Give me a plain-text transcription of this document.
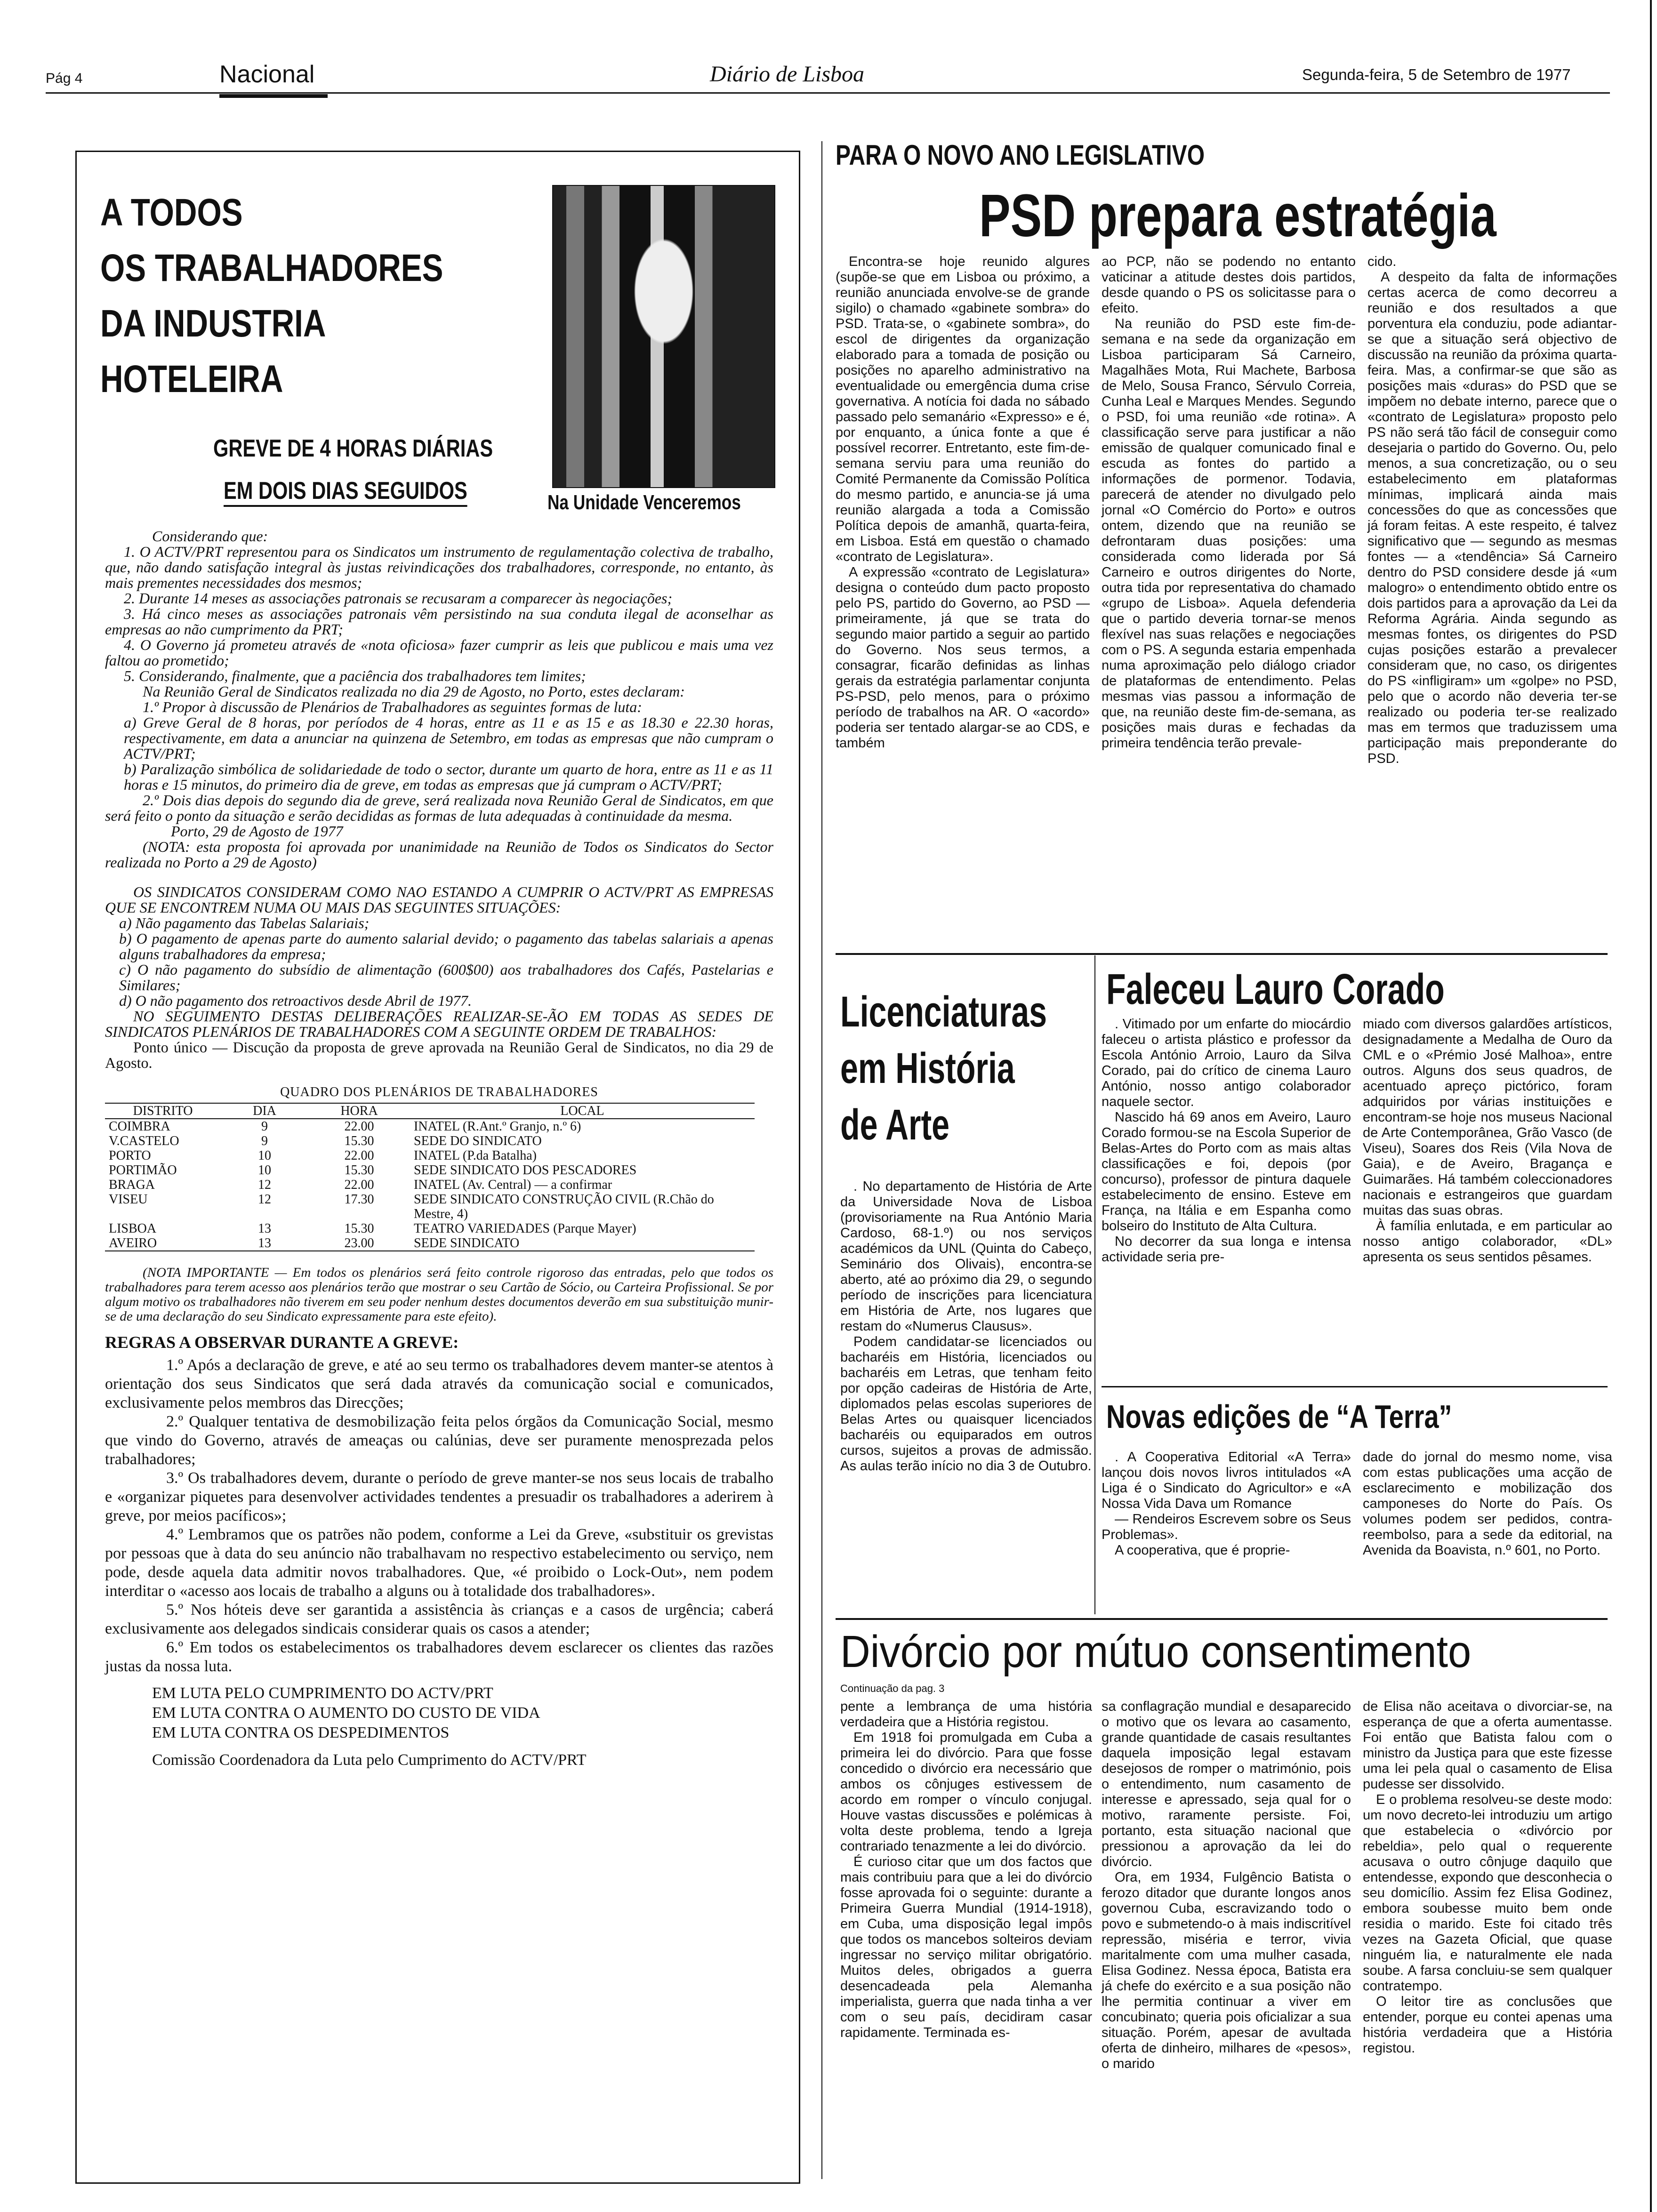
Pág 4	Nacional	Diário de Lisboa	Segunda-feira, 5 de Setembro de 1977
A TODOS
OS TRABALHADORES
DA INDUSTRIA
HOTELEIRA
GREVE DE 4 HORAS DIÁRIAS
EM DOIS DIAS SEGUIDOS	Na Unidade Venceremos

Considerando que:

1. O ACTV/PRT representou para os Sindicatos um instrumento de regulamentação colectiva de trabalho, que, não dando satisfação integral às justas reivindicações dos trabalhadores, corresponde, no entanto, às mais prementes necessidades dos mesmos;

2. Durante 14 meses as associações patronais se recusaram a comparecer às negociações;

3. Há cinco meses as associações patronais vêm persistindo na sua conduta ilegal de aconselhar as empresas ao não cumprimento da PRT;

4. O Governo já prometeu através de «nota oficiosa» fazer cumprir as leis que publicou e mais uma vez faltou ao prometido;

5. Considerando, finalmente, que a paciência dos trabalhadores tem limites;

Na Reunião Geral de Sindicatos realizada no dia 29 de Agosto, no Porto, estes declaram:

1.º Propor à discussão de Plenários de Trabalhadores as seguintes formas de luta:

a) Greve Geral de 8 horas, por períodos de 4 horas, entre as 11 e as 15 e as 18.30 e 22.30 horas, respectivamente, em data a anunciar na quinzena de Setembro, em todas as empresas que não cumpram o ACTV/PRT;

b) Paralização simbólica de solidariedade de todo o sector, durante um quarto de hora, entre as 11 e as 11 horas e 15 minutos, do primeiro dia de greve, em todas as empresas que já cumpram o ACTV/PRT;

2.º Dois dias depois do segundo dia de greve, será realizada nova Reunião Geral de Sindicatos, em que será feito o ponto da situação e serão decididas as formas de luta adequadas à continuidade da mesma.

Porto, 29 de Agosto de 1977

(NOTA: esta proposta foi aprovada por unanimidade na Reunião de Todos os Sindicatos do Sector realizada no Porto a 29 de Agosto)

OS SINDICATOS CONSIDERAM COMO NAO ESTANDO A CUMPRIR O ACTV/PRT AS EMPRESAS QUE SE ENCONTREM NUMA OU MAIS DAS SEGUINTES SITUAÇÕES:

a) Não pagamento das Tabelas Salariais;

b) O pagamento de apenas parte do aumento salarial devido; o pagamento das tabelas salariais a apenas alguns trabalhadores da empresa;

c) O não pagamento do subsídio de alimentação (600$00) aos trabalhadores dos Cafés, Pastelarias e Similares;

d) O não pagamento dos retroactivos desde Abril de 1977.

NO SEGUIMENTO DESTAS DELIBERAÇÕES REALIZAR-SE-ÃO EM TODAS AS SEDES DE SINDICATOS PLENÁRIOS DE TRABALHADORES COM A SEGUINTE ORDEM DE TRABALHOS:

Ponto único — Discução da proposta de greve aprovada na Reunião Geral de Sindicatos, no dia 29 de Agosto.

QUADRO DOS PLENÁRIOS DE TRABALHADORES
DISTRITO	DIA	HORA	LOCAL
COIMBRA	9	22.00	INATEL (R.Ant.º Granjo, n.º 6)
V.CASTELO	9	15.30	SEDE DO SINDICATO
PORTO	10	22.00	INATEL (P.da Batalha)
PORTIMÃO	10	15.30	SEDE SINDICATO DOS PESCADORES
BRAGA	12	22.00	INATEL (Av. Central) — a confirmar
VISEU	12	17.30	SEDE SINDICATO CONSTRUÇÃO CIVIL (R.Chão do Mestre, 4)
LISBOA	13	15.30	TEATRO VARIEDADES (Parque Mayer)
AVEIRO	13	23.00	SEDE SINDICATO

(NOTA IMPORTANTE — Em todos os plenários será feito controle rigoroso das entradas, pelo que todos os trabalhadores para terem acesso aos plenários terão que mostrar o seu Cartão de Sócio, ou Carteira Profissional. Se por algum motivo os trabalhadores não tiverem em seu poder nenhum destes documentos deverão em sua substituição munir-se de uma declaração do seu Sindicato expressamente para este efeito).

REGRAS A OBSERVAR DURANTE A GREVE:

1.º Após a declaração de greve, e até ao seu termo os trabalhadores devem manter-se atentos à orientação dos seus Sindicatos que será dada através da comunicação social e comunicados, exclusivamente pelos membros das Direcções;

2.º Qualquer tentativa de desmobilização feita pelos órgãos da Comunicação Social, mesmo que vindo do Governo, através de ameaças ou calúnias, deve ser puramente menosprezada pelos trabalhadores;

3.º Os trabalhadores devem, durante o período de greve manter-se nos seus locais de trabalho e «organizar piquetes para desenvolver actividades tendentes a presuadir os trabalhadores a aderirem à greve, por meios pacíficos»;

4.º Lembramos que os patrões não podem, conforme a Lei da Greve, «substituir os grevistas por pessoas que à data do seu anúncio não trabalhavam no respectivo estabelecimento ou serviço, nem pode, desde aquela data admitir novos trabalhadores. Que, «é proibido o Lock-Out», nem podem interditar o «acesso aos locais de trabalho a alguns ou à totalidade dos trabalhadores».

5.º Nos hóteis deve ser garantida a assistência às crianças e a casos de urgência; caberá exclusivamente aos delegados sindicais considerar quais os casos a atender;

6.º Em todos os estabelecimentos os trabalhadores devem esclarecer os clientes das razões justas da nossa luta.

EM LUTA PELO CUMPRIMENTO DO ACTV/PRT
EM LUTA CONTRA O AUMENTO DO CUSTO DE VIDA
EM LUTA CONTRA OS DESPEDIMENTOS
Comissão Coordenadora da Luta pelo Cumprimento do ACTV/PRT
PARA O NOVO ANO LEGISLATIVO
PSD prepara estratégia

Encontra-se hoje reunido algures (supõe-se que em Lisboa ou próximo, a reunião anunciada envolve-se de grande sigilo) o chamado «gabinete sombra» do PSD. Trata-se, o «gabinete sombra», do escol de dirigentes da organização elaborado para a tomada de posição ou posições no aparelho administrativo na eventualidade ou emergência duma crise governativa. A notícia foi dada no sábado passado pelo semanário «Expresso» e é, por enquanto, a única fonte a que é possível recorrer. Entretanto, este fim-de-semana serviu para uma reunião do Comité Permanente da Comissão Política do mesmo partido, e anuncia-se já uma reunião alargada a toda a Comissão Política depois de amanhã, quarta-feira, em Lisboa. Está em questão o chamado «contrato de Legislatura».

A expressão «contrato de Legislatura» designa o conteúdo dum pacto proposto pelo PS, partido do Governo, ao PSD — primeiramente, já que se trata do segundo maior partido a seguir ao partido do Governo. Nos seus termos, a consagrar, ficarão definidas as linhas gerais da estratégia parlamentar conjunta PS-PSD, pelo menos, para o próximo período de trabalhos na AR. O «acordo» poderia ser tentado alargar-se ao CDS, e também

ao PCP, não se podendo no entanto vaticinar a atitude destes dois partidos, desde quando o PS os solicitasse para o efeito.

Na reunião do PSD este fim-de-semana e na sede da organização em Lisboa participaram Sá Carneiro, Magalhães Mota, Rui Machete, Barbosa de Melo, Sousa Franco, Sérvulo Correia, Cunha Leal e Marques Mendes. Segundo o PSD, foi uma reunião «de rotina». A classificação serve para justificar a não emissão de qualquer comunicado final e escuda as fontes do partido a informações de pormenor. Todavia, parecerá de atender no divulgado pelo jornal «O Comércio do Porto» e outros ontem, dizendo que na reunião se defrontaram duas posições: uma considerada como liderada por Sá Carneiro e outros dirigentes do Norte, outra tida por representativa do chamado «grupo de Lisboa». Aquela defenderia que o partido deveria tornar-se menos flexível nas suas relações e negociações com o PS. A segunda estaria empenhada numa aproximação pelo diálogo criador de plataformas de entendimento. Pelas mesmas vias passou a informação de que, na reunião deste fim-de-semana, as posições mais duras e fechadas da primeira tendência terão prevale-

cido.

A despeito da falta de informações certas acerca de como decorreu a reunião e dos resultados a que porventura ela conduziu, pode adiantar-se que a situação será objectivo de discussão na reunião da próxima quarta-feira. Mas, a confirmar-se que são as posições mais «duras» do PSD que se impõem no debate interno, parece que o «contrato de Legislatura» proposto pelo PS não será tão fácil de conseguir como desejaria o partido do Governo. Ou, pelo menos, a sua concretização, ou o seu estabelecimento em plataformas mínimas, implicará ainda mais concessões do que as concessões que já foram feitas. A este respeito, é talvez significativo que — segundo as mesmas fontes — a «tendência» Sá Carneiro dentro do PSD considere desde já «um malogro» o entendimento obtido entre os dois partidos para a aprovação da Lei da Reforma Agrária. Ainda segundo as mesmas fontes, os dirigentes do PSD cujas posições estarão a prevalecer consideram que, no caso, os dirigentes do PS «infligiram» um «golpe» no PSD, pelo que o acordo não deveria ter-se realizado ou poderia ter-se realizado mas em termos que traduzissem uma participação mais preponderante do PSD.

Licenciaturas
em História
de Arte

. No departamento de História de Arte da Universidade Nova de Lisboa (provisoriamente na Rua António Maria Cardoso, 68-1.º) ou nos serviços académicos da UNL (Quinta do Cabeço, Seminário dos Olivais), encontra-se aberto, até ao próximo dia 29, o segundo período de inscrições para licenciatura em História de Arte, nos lugares que restam do «Numerus Clausus».

Podem candidatar-se licenciados ou bacharéis em História, licenciados ou bacharéis em Letras, que tenham feito por opção cadeiras de História de Arte, diplomados pelas escolas superiores de Belas Artes ou quaisquer licenciados bacharéis ou equiparados em outros cursos, sujeitos a provas de admissão. As aulas terão início no dia 3 de Outubro.

Faleceu Lauro Corado

. Vitimado por um enfarte do miocárdio faleceu o artista plástico e professor da Escola António Arroio, Lauro da Silva Corado, pai do crítico de cinema Lauro António, nosso antigo colaborador naquele sector.

Nascido há 69 anos em Aveiro, Lauro Corado formou-se na Escola Superior de Belas-Artes do Porto com as mais altas classificações e foi, depois (por concurso), professor de pintura daquele estabelecimento de ensino. Esteve em França, na Itália e em Espanha como bolseiro do Instituto de Alta Cultura.

No decorrer da sua longa e intensa actividade seria pre-

miado com diversos galardões artísticos, designadamente a Medalha de Ouro da CML e o «Prémio José Malhoa», entre outros. Alguns dos seus quadros, de acentuado apreço pictórico, foram adquiridos por várias instituições e encontram-se hoje nos museus Nacional de Arte Contemporânea, Grão Vasco (de Viseu), Soares dos Reis (Vila Nova de Gaia), e de Aveiro, Bragança e Guimarães. Há também coleccionadores nacionais e estrangeiros que guardam muitas das suas obras.

À família enlutada, e em particular ao nosso antigo colaborador, «DL» apresenta os seus sentidos pêsames.

Novas edições de “A Terra”

. A Cooperativa Editorial «A Terra» lançou dois novos livros intitulados «A Liga é o Sindicato do Agricultor» e «A Nossa Vida Dava um Romance

— Rendeiros Escrevem sobre os Seus Problemas».

A cooperativa, que é proprie-

dade do jornal do mesmo nome, visa com estas publicações uma acção de esclarecimento e mobilização dos camponeses do Norte do País. Os volumes podem ser pedidos, contra-reembolso, para a sede da editorial, na Avenida da Boavista, n.º 601, no Porto.

Divórcio por mútuo consentimento
Continuação da pag. 3

pente a lembrança de uma história verdadeira que a História registou.

Em 1918 foi promulgada em Cuba a primeira lei do divórcio. Para que fosse concedido o divórcio era necessário que ambos os cônjuges estivessem de acordo em romper o vínculo conjugal. Houve vastas discussões e polémicas à volta deste problema, tendo a Igreja contrariado tenazmente a lei do divórcio.

É curioso citar que um dos factos que mais contribuiu para que a lei do divórcio fosse aprovada foi o seguinte: durante a Primeira Guerra Mundial (1914-1918), em Cuba, uma disposição legal impôs que todos os mancebos solteiros deviam ingressar no serviço militar obrigatório. Muitos deles, obrigados a guerra desencadeada pela Alemanha imperialista, guerra que nada tinha a ver com o seu país, decidiram casar rapidamente. Terminada es-

sa conflagração mundial e desaparecido o motivo que os levara ao casamento, grande quantidade de casais resultantes daquela imposição legal estavam desejosos de romper o matrimónio, pois o entendimento, num casamento de interesse e apressado, seja qual for o motivo, raramente persiste. Foi, portanto, esta situação nacional que pressionou a aprovação da lei do divórcio.

Ora, em 1934, Fulgêncio Batista o ferozo ditador que durante longos anos governou Cuba, escravizando todo o povo e submetendo-o à mais indiscritível repressão, miséria e terror, vivia maritalmente com uma mulher casada, Elisa Godinez. Nessa época, Batista era já chefe do exército e a sua posição não lhe permitia continuar a viver em concubinato; queria pois oficializar a sua situação. Porém, apesar de avultada oferta de dinheiro, milhares de «pesos», o marido

de Elisa não aceitava o divorciar-se, na esperança de que a oferta aumentasse. Foi então que Batista falou com o ministro da Justiça para que este fizesse uma lei pela qual o casamento de Elisa pudesse ser dissolvido.

E o problema resolveu-se deste modo: um novo decreto-lei introduziu um artigo que estabelecia o «divórcio por rebeldia», pelo qual o requerente acusava o outro cônjuge daquilo que entendesse, expondo que desconhecia o seu domicílio. Assim fez Elisa Godinez, embora soubesse muito bem onde residia o marido. Este foi citado três vezes na Gazeta Oficial, que quase ninguém lia, e naturalmente ele nada soube. A farsa concluiu-se sem qualquer contratempo.

O leitor tire as conclusões que entender, porque eu contei apenas uma história verdadeira que a História registou.
